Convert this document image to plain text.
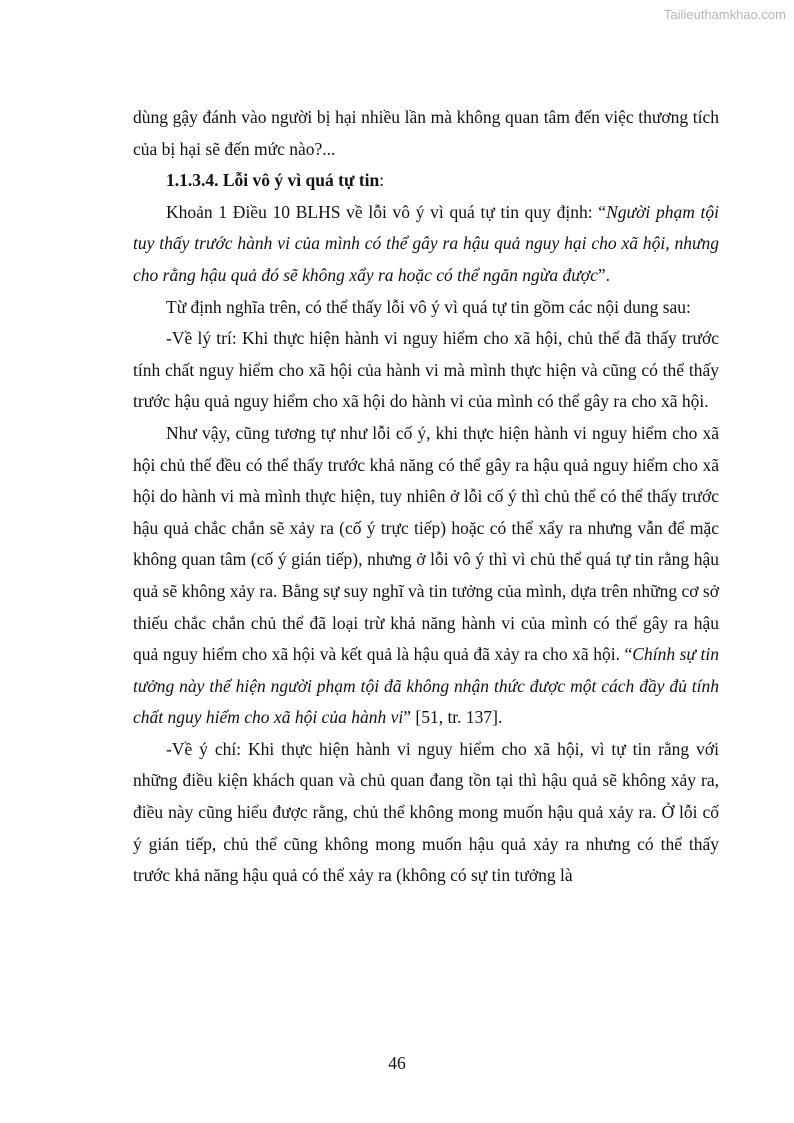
Tailieuthamkhao.com

dùng gậy đánh vào người bị hại nhiều lần mà không quan tâm đến việc thương tích của bị hại sẽ đến mức nào?...

1.1.3.4. Lỗi vô ý vì quá tự tin:

Khoản 1 Điều 10 BLHS về lỗi vô ý vì quá tự tin quy định: “Người phạm tội tuy thấy trước hành vi của mình có thể gây ra hậu quả nguy hại cho xã hội, nhưng cho rằng hậu quả đó sẽ không xẩy ra hoặc có thể ngăn ngừa được”.

Từ định nghĩa trên, có thể thấy lỗi vô ý vì quá tự tin gồm các nội dung sau:

-Về lý trí: Khi thực hiện hành vi nguy hiểm cho xã hội, chủ thể đã thấy trước tính chất nguy hiểm cho xã hội của hành vi mà mình thực hiện và cũng có thể thấy trước hậu quả nguy hiểm cho xã hội do hành vi của mình có thể gây ra cho xã hội.

Như vậy, cũng tương tự như lỗi cố ý, khi thực hiện hành vi nguy hiểm cho xã hội chủ thể đều có thể thấy trước khả năng có thể gây ra hậu quả nguy hiểm cho xã hội do hành vi mà mình thực hiện, tuy nhiên ở lỗi cố ý thì chủ thể có thể thấy trước hậu quả chắc chắn sẽ xảy ra (cố ý trực tiếp) hoặc có thể xẩy ra nhưng vẫn để mặc không quan tâm (cố ý gián tiếp), nhưng ở lỗi vô ý thì vì chủ thể quá tự tin rằng hậu quả sẽ không xảy ra. Bằng sự suy nghĩ và tin tưởng của mình, dựa trên những cơ sở thiếu chắc chắn chủ thể đã loại trừ khả năng hành vi của mình có thể gây ra hậu quả nguy hiểm cho xã hội và kết quả là hậu quả đã xảy ra cho xã hội. “Chính sự tin tưởng này thể hiện người phạm tội đã không nhận thức được một cách đầy đủ tính chất nguy hiểm cho xã hội của hành vi” [51, tr. 137].

-Về ý chí: Khi thực hiện hành vi nguy hiểm cho xã hội, vì tự tin rằng với những điều kiện khách quan và chủ quan đang tồn tại thì hậu quả sẽ không xảy ra, điều này cũng hiểu được rằng, chủ thể không mong muốn hậu quả xảy ra. Ở lỗi cố ý gián tiếp, chủ thể cũng không mong muốn hậu quả xảy ra nhưng có thể thấy trước khả năng hậu quả có thể xảy ra (không có sự tin tưởng là

46
